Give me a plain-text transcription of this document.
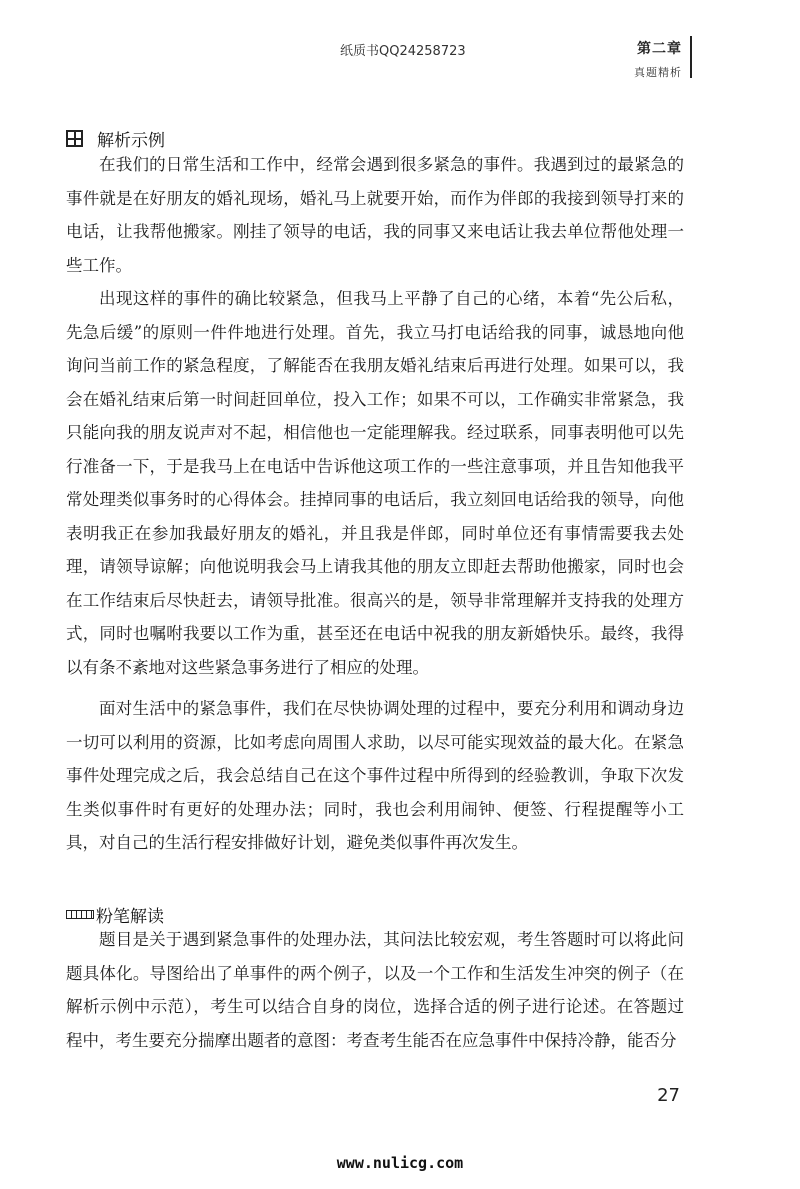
纸质书QQ24258723	第二章
真题精析
解析示例

在我们的日常生活和工作中，经常会遇到很多紧急的事件。我遇到过的最紧急的事件就是在好朋友的婚礼现场，婚礼马上就要开始，而作为伴郎的我接到领导打来的电话，让我帮他搬家。刚挂了领导的电话，我的同事又来电话让我去单位帮他处理一些工作。

出现这样的事件的确比较紧急，但我马上平静了自己的心绪，本着“先公后私，先急后缓”的原则一件件地进行处理。首先，我立马打电话给我的同事，诚恳地向他询问当前工作的紧急程度，了解能否在我朋友婚礼结束后再进行处理。如果可以，我会在婚礼结束后第一时间赶回单位，投入工作；如果不可以，工作确实非常紧急，我只能向我的朋友说声对不起，相信他也一定能理解我。经过联系，同事表明他可以先行准备一下，于是我马上在电话中告诉他这项工作的一些注意事项，并且告知他我平常处理类似事务时的心得体会。挂掉同事的电话后，我立刻回电话给我的领导，向他表明我正在参加我最好朋友的婚礼，并且我是伴郎，同时单位还有事情需要我去处理，请领导谅解；向他说明我会马上请我其他的朋友立即赶去帮助他搬家，同时也会在工作结束后尽快赶去，请领导批准。很高兴的是，领导非常理解并支持我的处理方式，同时也嘱咐我要以工作为重，甚至还在电话中祝我的朋友新婚快乐。最终，我得以有条不紊地对这些紧急事务进行了相应的处理。

面对生活中的紧急事件，我们在尽快协调处理的过程中，要充分利用和调动身边一切可以利用的资源，比如考虑向周围人求助，以尽可能实现效益的最大化。在紧急事件处理完成之后，我会总结自己在这个事件过程中所得到的经验教训，争取下次发生类似事件时有更好的处理办法；同时，我也会利用闹钟、便签、行程提醒等小工具，对自己的生活行程安排做好计划，避免类似事件再次发生。

粉笔解读

题目是关于遇到紧急事件的处理办法，其问法比较宏观，考生答题时可以将此问题具体化。导图给出了单事件的两个例子，以及一个工作和生活发生冲突的例子（在解析示例中示范），考生可以结合自身的岗位，选择合适的例子进行论述。在答题过程中，考生要充分揣摩出题者的意图：考查考生能否在应急事件中保持冷静，能否分

27
www.nulicg.com
